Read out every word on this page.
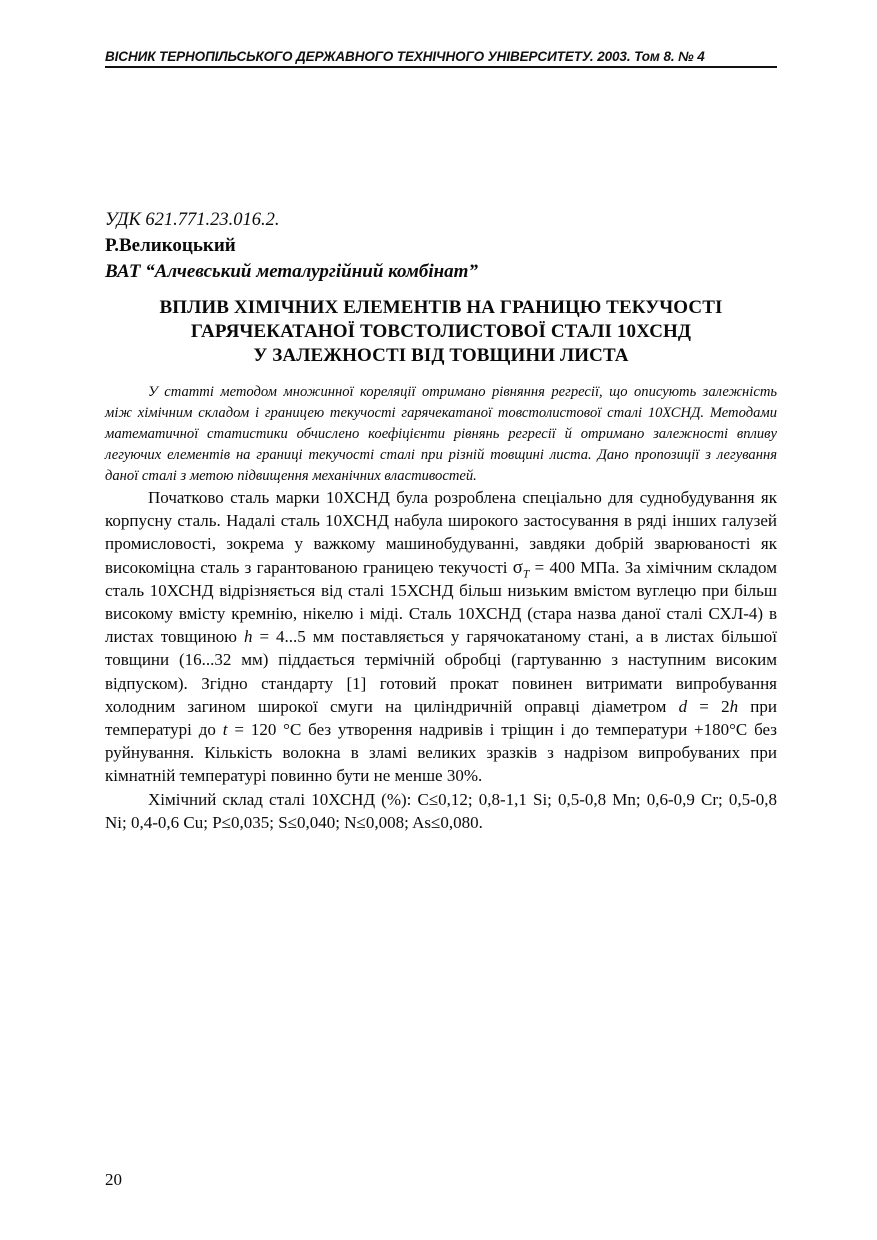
ВІСНИК ТЕРНОПІЛЬСЬКОГО ДЕРЖАВНОГО ТЕХНІЧНОГО УНІВЕРСИТЕТУ. 2003. Том 8. № 4
УДК 621.771.23.016.2.
Р.Великоцький
ВАТ “Алчевський металургійний комбінат”
ВПЛИВ ХІМІЧНИХ ЕЛЕМЕНТІВ НА ГРАНИЦЮ ТЕКУЧОСТІ
ГАРЯЧЕКАТАНОЇ ТОВСТОЛИСТОВОЇ СТАЛІ 10ХСНД
У ЗАЛЕЖНОСТІ ВІД ТОВЩИНИ ЛИСТА

У статті методом множинної кореляції отримано рівняння регресії, що описують залежність між хімічним складом і границею текучості гарячекатаної товстолистової сталі 10ХСНД. Методами математичної статистики обчислено коефіцієнти рівнянь регресії й отримано залежності впливу легуючих елементів на границі текучості сталі при різній товщині листа. Дано пропозиції з легування даної сталі з метою підвищення механічних властивостей.

Початково сталь марки 10ХСНД була розроблена спеціально для суднобудування як корпусну сталь. Надалі сталь 10ХСНД набула широкого застосування в ряді інших галузей промисловості, зокрема у важкому машинобудуванні, завдяки добрій зварюваності як високоміцна сталь з гарантованою границею текучості $\sigma_Т = 400$ МПа. За хімічним складом сталь 10ХСНД відрізняється від сталі 15ХСНД більш низьким вмістом вуглецю при більш високому вмісту кремнію, нікелю і міді. Сталь 10ХСНД (стара назва даної сталі СХЛ-4) в листах товщиною h = 4...5 мм поставляється у гарячокатаному стані, а в листах більшої товщини (16...32 мм) піддається термічній обробці (гартуванню з наступним високим відпуском). Згідно стандарту [1] готовий прокат повинен витримати випробування холодним загином широкої смуги на циліндричній оправці діаметром d = 2h при температурі до t = 120 °С без утворення надривів і тріщин і до температури +180°С без руйнування. Кількість волокна в зламі великих зразків з надрізом випробуваних при кімнатній температурі повинно бути не менше 30%.

Хімічний склад сталі 10ХСНД (%): C≤0,12; 0,8-1,1 Si; 0,5-0,8 Mn; 0,6-0,9 Cr; 0,5-0,8 Ni; 0,4-0,6 Cu; P≤0,035; S≤0,040; N≤0,008; As≤0,080.

20
